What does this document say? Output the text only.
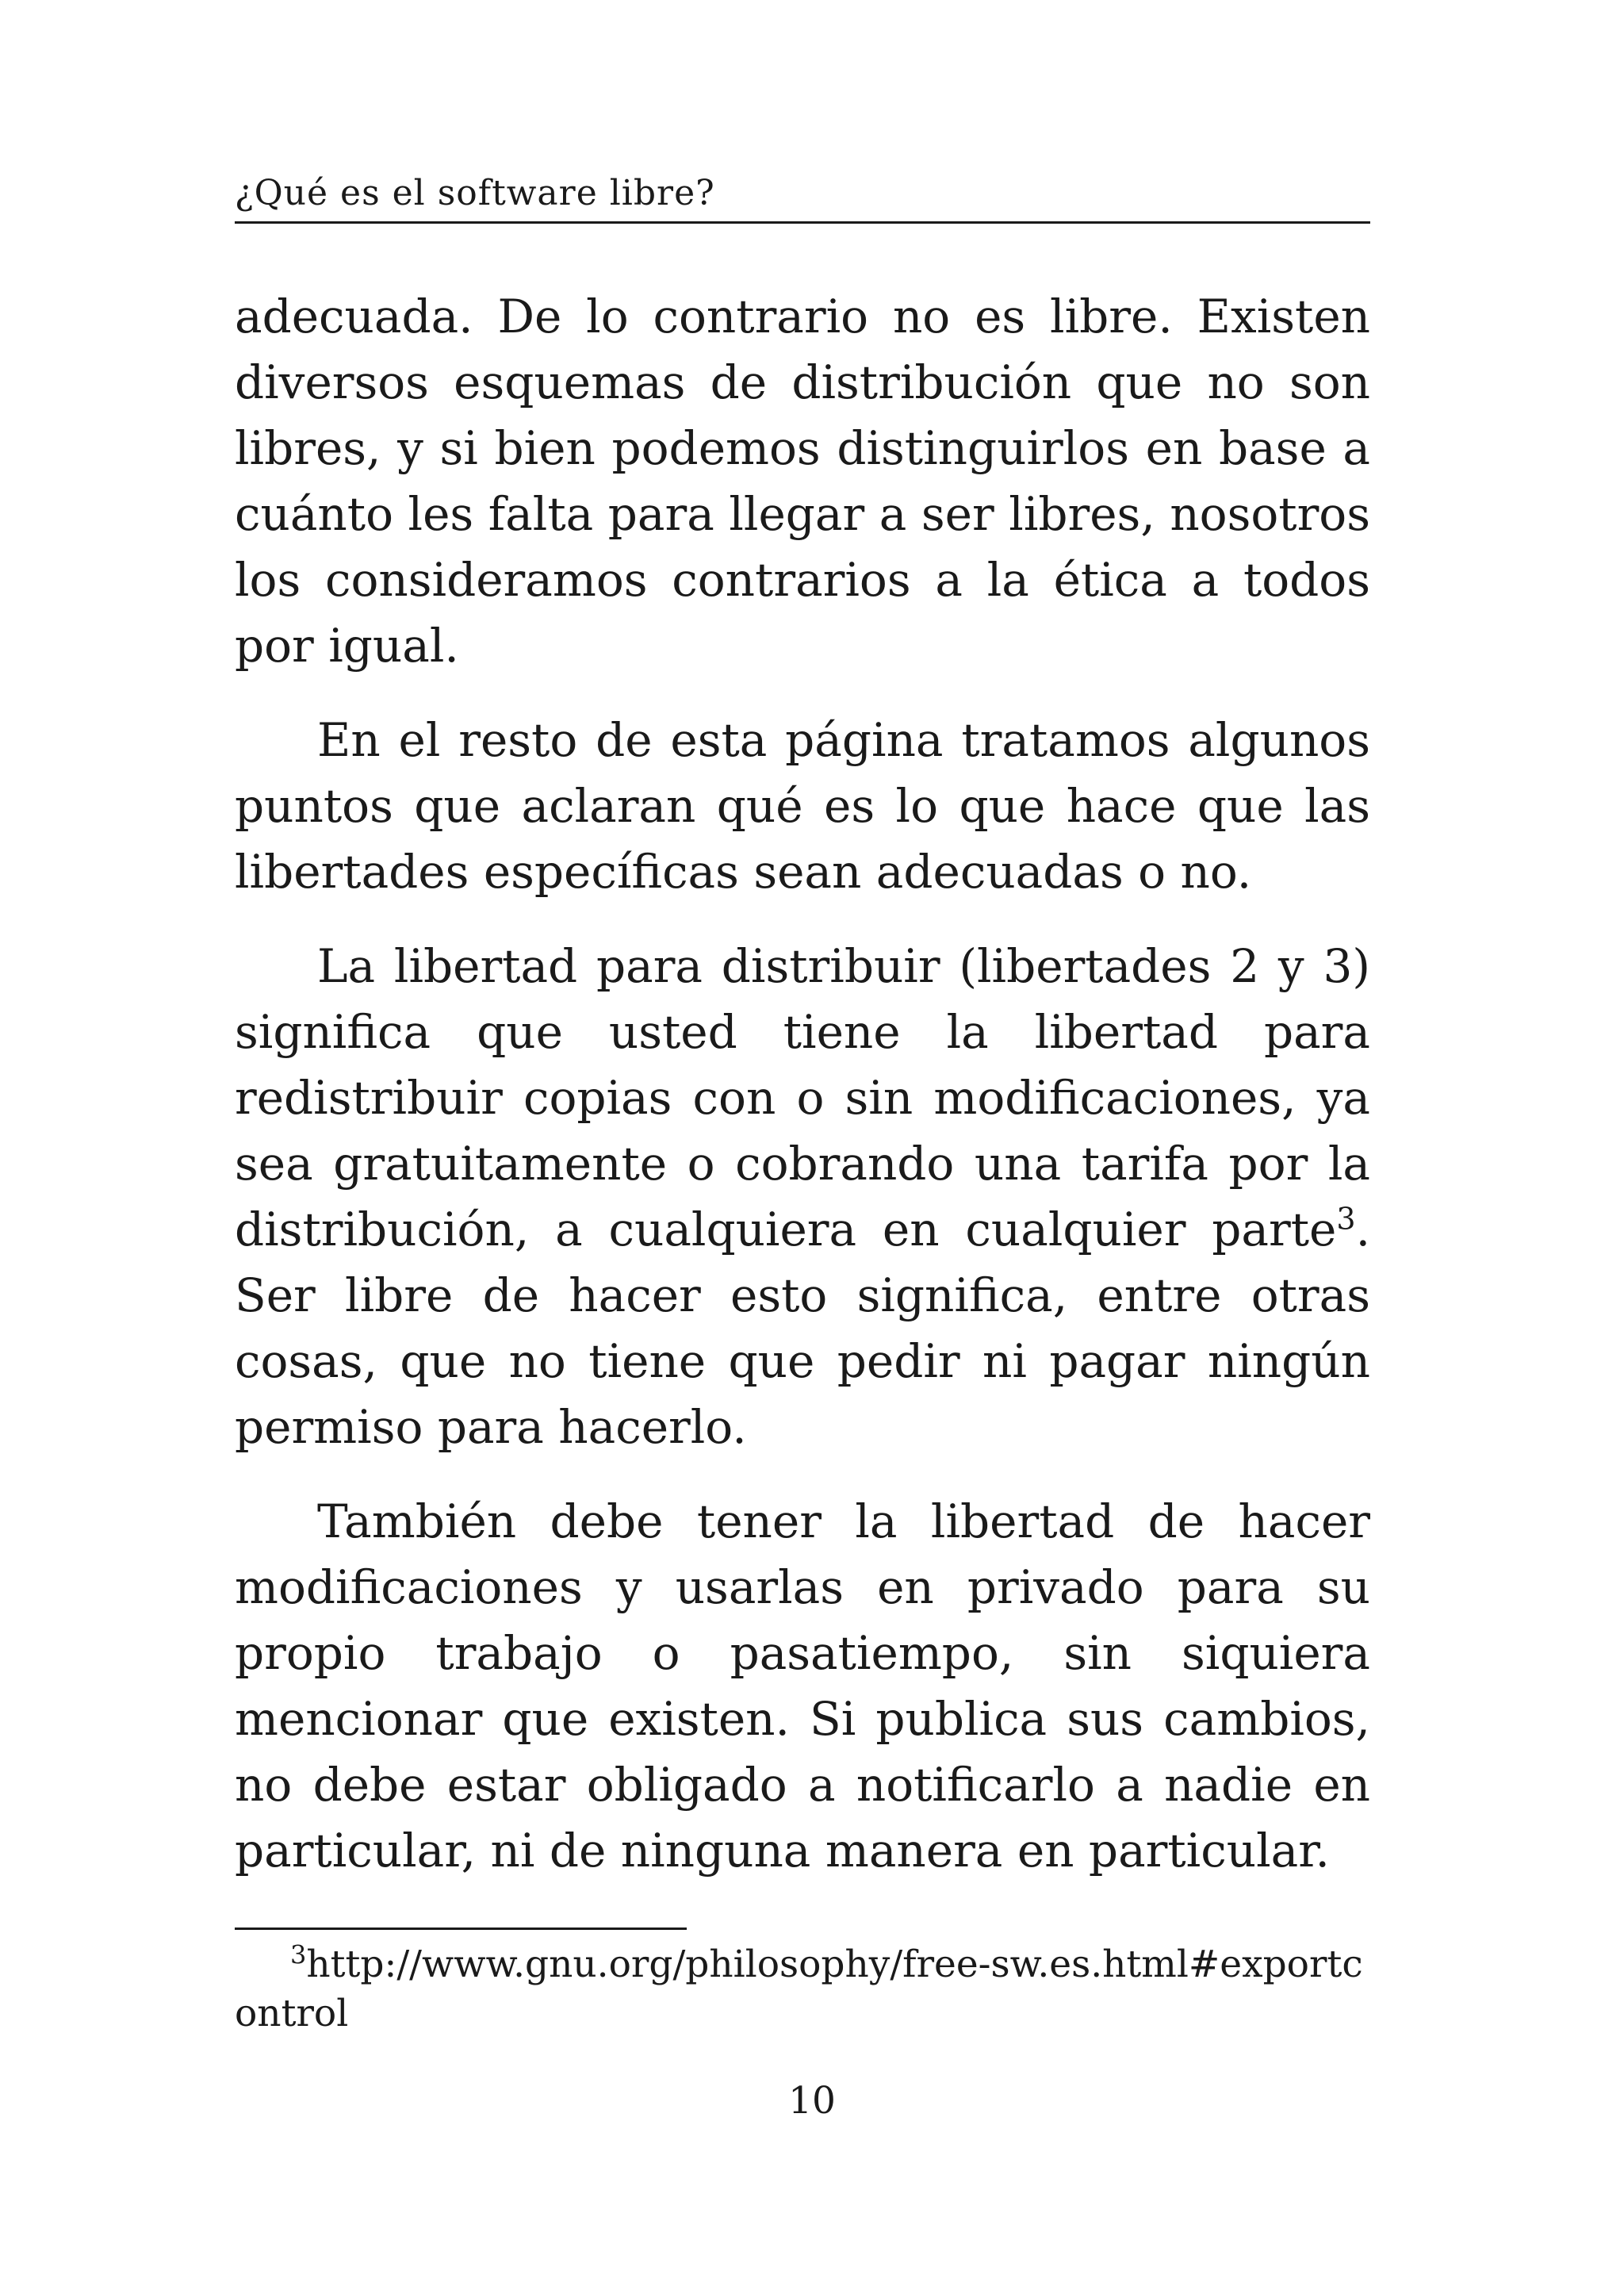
¿Qué es el software libre?

adecuada. De lo contrario no es libre. Existen diversos esquemas de distribución que no son libres, y si bien podemos distinguirlos en base a cuánto les falta para llegar a ser libres, nosotros los consideramos contrarios a la ética a todos por igual.

En el resto de esta página tratamos algunos puntos que aclaran qué es lo que hace que las libertades específicas sean adecuadas o no.

La libertad para distribuir (libertades 2 y 3) significa que usted tiene la libertad para redistribuir copias con o sin modificaciones, ya sea gratuitamente o cobrando una tarifa por la distribución, a cualquiera en cualquier parte$^3$. Ser libre de hacer esto significa, entre otras cosas, que no tiene que pedir ni pagar ningún permiso para hacerlo.

También debe tener la libertad de hacer modificaciones y usarlas en privado para su propio trabajo o pasatiempo, sin siquiera mencionar que existen. Si publica sus cambios, no debe estar obligado a notificarlo a nadie en particular, ni de ninguna manera en particular.

$^3$http://www.gnu.org/philosophy/free-sw.es.html#exportcontrol
10
